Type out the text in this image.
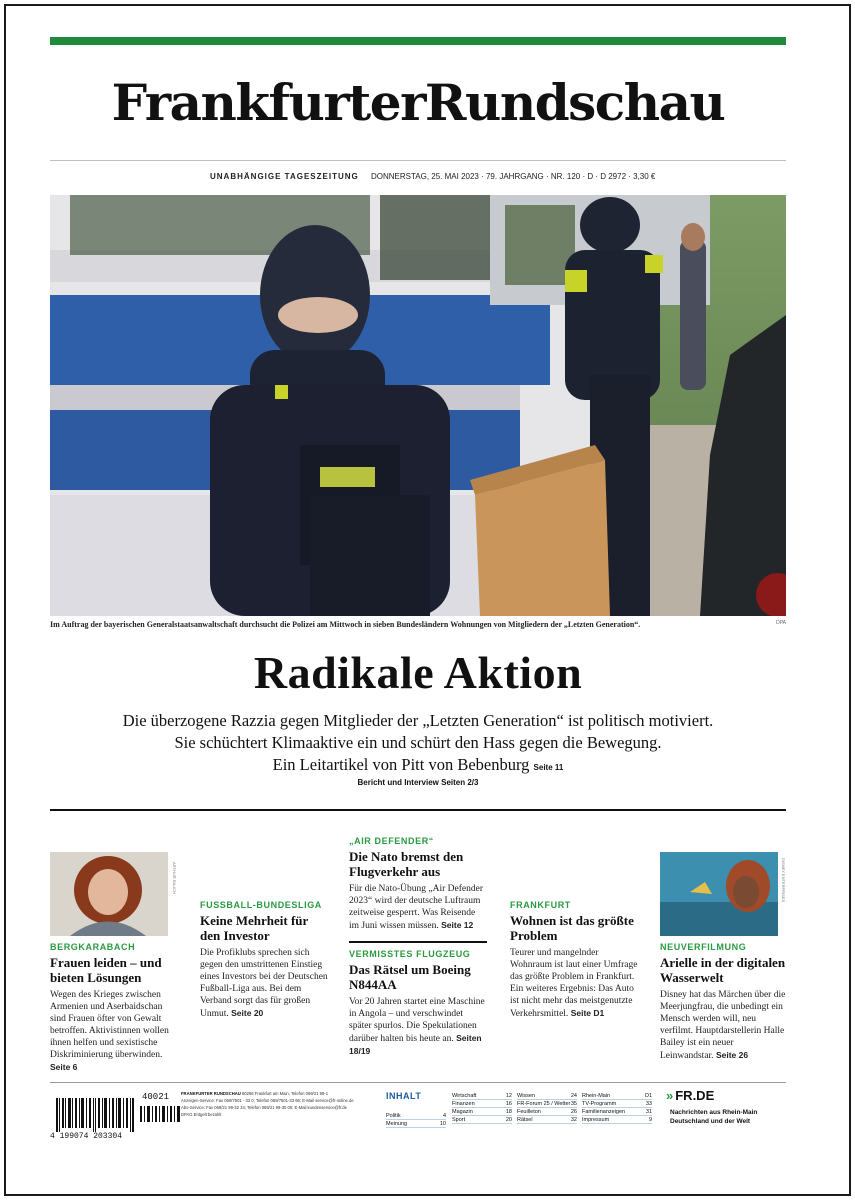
FrankfurterRundschau
UNABHÄNGIGE TAGESZEITUNG DONNERSTAG, 25. MAI 2023 · 79. JAHRGANG · NR. 120 · D · D 2972 · 3,30 €
Im Auftrag der bayerischen Generalstaatsanwaltschaft durchsucht die Polizei am Mittwoch in sieben Bundesländern Wohnungen von Mitgliedern der „Letzten Generation“.	DPA
Radikale Aktion
Die überzogene Razzia gegen Mitglieder der „Letzten Generation“ ist politisch motiviert.
Sie schüchtert Klimaaktive ein und schürt den Hass gegen die Bewegung.
Ein Leitartikel von Pitt von Bebenburg Seite 11
Bericht und Interview Seiten 2/3
ARTHUR RAUCH
BERGKARABACH
Frauen leiden – und bieten Lösungen
Wegen des Krieges zwischen Armenien und Aserbaidschan sind Frauen öfter von Gewalt betroffen. Aktivistinnen wollen ihnen helfen und sexistische Diskriminierung überwinden. Seite 6
FUSSBALL-BUNDESLIGA
Keine Mehrheit für den Investor
Die Profiklubs sprechen sich gegen den umstrittenen Einstieg eines Investors bei der Deutschen Fußball-Liga aus. Bei dem Verband sorgt das für großen Unmut. Seite 20
„AIR DEFENDER“
Die Nato bremst den Flugverkehr aus
Für die Nato-Übung „Air Defender 2023“ wird der deutsche Luftraum zeitweise gesperrt. Was Reisende im Juni wissen müssen. Seite 12
VERMISSTES FLUGZEUG
Das Rätsel um Boeing N844AA
Vor 20 Jahren startet eine Maschine in Angola – und verschwindet später spurlos. Die Spekulationen darüber halten bis heute an. Seiten 18/19
FRANKFURT
Wohnen ist das größte Problem
Teurer und mangelnder Wohnraum ist laut einer Umfrage das größte Problem in Frankfurt. Ein weiteres Ergebnis: Das Auto ist nicht mehr das meistgenutzte Verkehrsmittel. Seite D1
DISNEY ENTERPRISES
NEUVERFILMUNG
Arielle in der digitalen Wasserwelt
Disney hat das Märchen über die Meerjungfrau, die unbedingt ein Mensch werden will, neu verfilmt. Hauptdarstellerin Halle Bailey ist ein neuer Leinwandstar. Seite 26
4 199074 203304
40021	FRANKFURTER RUNDSCHAU 60266 Frankfurt am Main, Telefon 069/21 99-1
Anzeigen-Service: Fax 069/7501 - 33 0; Telefon 069/7501-33 66; E-Mail service@fr-online.de
Abo-Service: Fax 069/21 99-32 34; Telefon 069/21 99-30 05; E-Mail kundenservice@fr.de
DPAG Entgelt bezahlt
INHALT
Politik	4
Meinung	10
Wirtschaft	12
Finanzen	16
Magazin	18
Sport	20
Wissen	24
FR-Forum 25 / Wetter 35
Feuilleton	26
Rätsel	32
Rhein-Main	D1
TV-Programm	33
Familienanzeigen	31
Impressum	9
» FR.DE
Nachrichten aus Rhein-Main Deutschland und der Welt
